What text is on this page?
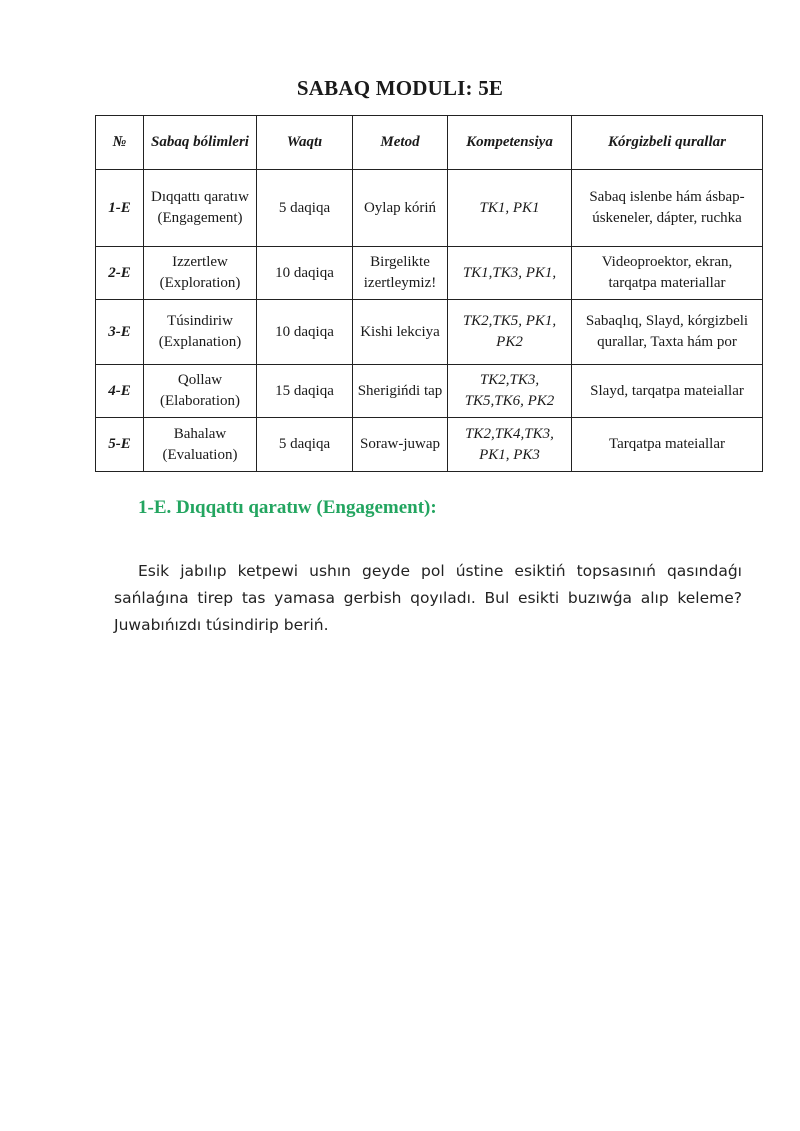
SABAQ MODULI: 5E
№	Sabaq bólimleri	Waqtı	Metod	Kompetensiya	Kórgizbeli qurallar
1-E	Dıqqattı qaratıw (Engagement)	5 daqiqa	Oylap kóriń	TK1, PK1	Sabaq islenbe hám ásbap-úskeneler, dápter, ruchka
2-E	Izzertlew (Exploration)	10 daqiqa	Birgelikte izertleymiz!	TK1,TK3, PK1,	Videoproektor, ekran, tarqatpa materiallar
3-E	Túsindiriw (Explanation)	10 daqiqa	Kishi lekciya	TK2,TK5, PK1, PK2	Sabaqlıq, Slayd, kórgizbeli qurallar, Taxta hám por
4-E	Qollaw (Elaboration)	15 daqiqa	Sherigińdi tap	TK2,TK3, TK5,TK6, PK2	Slayd, tarqatpa mateiallar
5-E	Bahalaw (Evaluation)	5 daqiqa	Soraw-juwap	TK2,TK4,TK3, PK1, PK3	Tarqatpa mateiallar
1-E. Dıqqattı qaratıw (Engagement):

Esik jabılıp ketpewi ushın geyde pol ústine esiktiń topsasınıń qasındaǵı sańlaǵına tirep tas yamasa gerbish qoyıladı. Bul esikti buzıwǵa alıp keleme? Juwabıńızdı túsindirip beriń.
